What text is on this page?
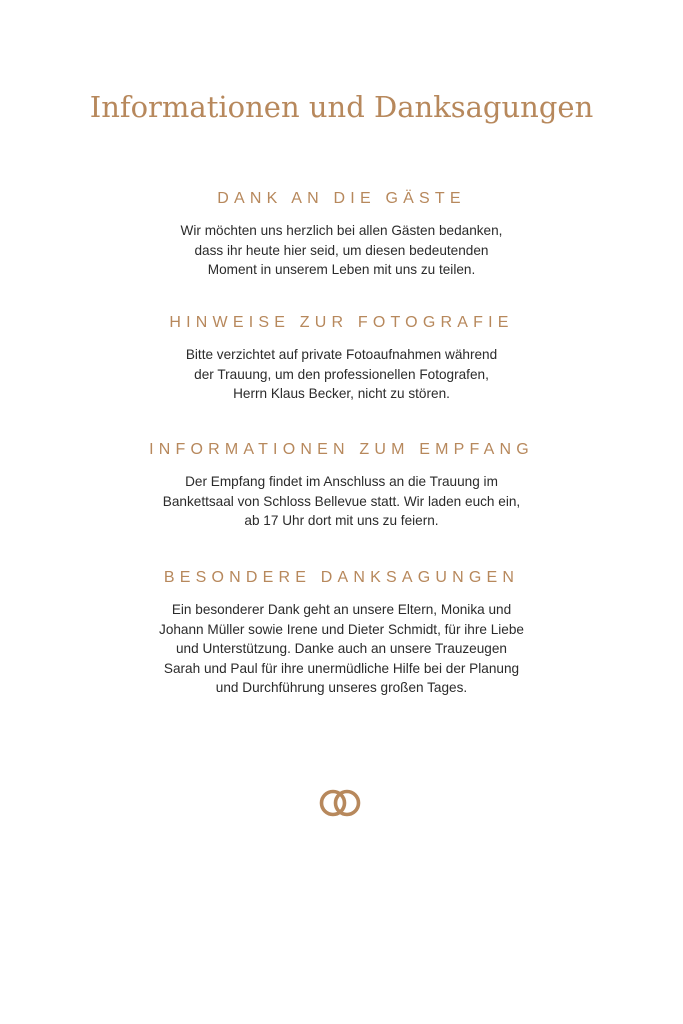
Informationen und Danksagungen
DANK AN DIE GÄSTE

Wir möchten uns herzlich bei allen Gästen bedanken,
dass ihr heute hier seid, um diesen bedeutenden
Moment in unserem Leben mit uns zu teilen.

HINWEISE ZUR FOTOGRAFIE

Bitte verzichtet auf private Fotoaufnahmen während
der Trauung, um den professionellen Fotografen,
Herrn Klaus Becker, nicht zu stören.

INFORMATIONEN ZUM EMPFANG

Der Empfang findet im Anschluss an die Trauung im
Bankettsaal von Schloss Bellevue statt. Wir laden euch ein,
ab 17 Uhr dort mit uns zu feiern.

BESONDERE DANKSAGUNGEN

Ein besonderer Dank geht an unsere Eltern, Monika und
Johann Müller sowie Irene und Dieter Schmidt, für ihre Liebe
und Unterstützung. Danke auch an unsere Trauzeugen
Sarah und Paul für ihre unermüdliche Hilfe bei der Planung
und Durchführung unseres großen Tages.
